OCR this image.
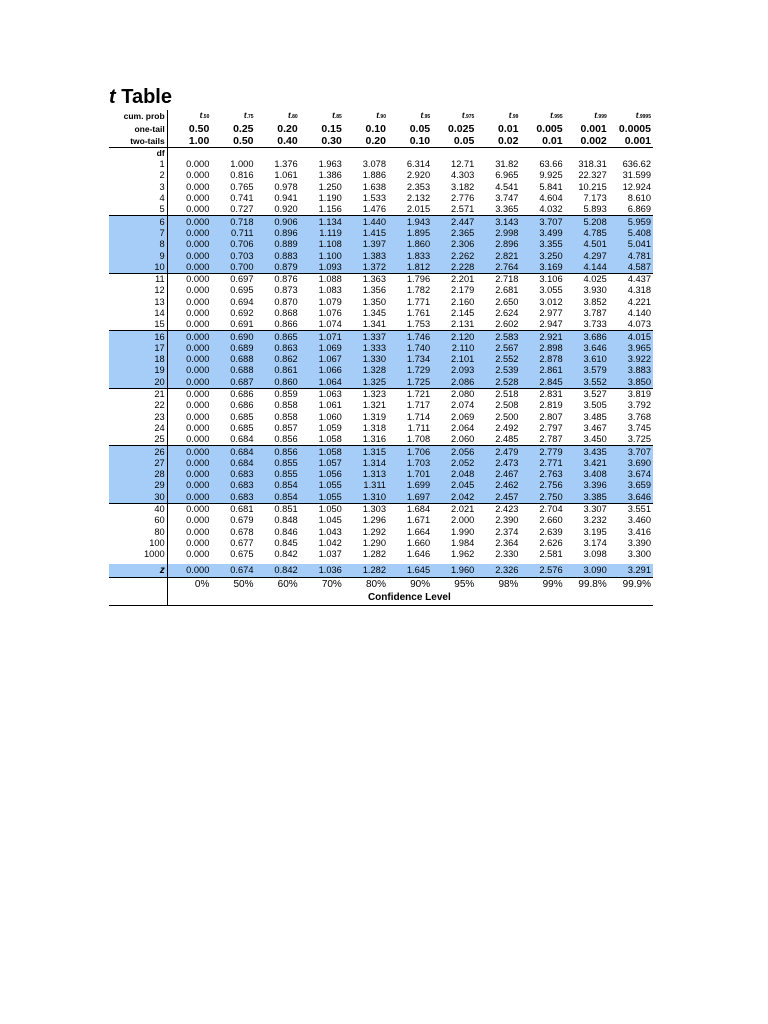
t Table
cum. prob	t.50	t.75	t.80	t.85	t.90	t.95	t.975	t.99	t.995	t.999	t.9995
one-tail	0.50	0.25	0.20	0.15	0.10	0.05	0.025	0.01	0.005	0.001	0.0005
two-tails	1.00	0.50	0.40	0.30	0.20	0.10	0.05	0.02	0.01	0.002	0.001
df											
1	0.000	1.000	1.376	1.963	3.078	6.314	12.71	31.82	63.66	318.31	636.62
2	0.000	0.816	1.061	1.386	1.886	2.920	4.303	6.965	9.925	22.327	31.599
3	0.000	0.765	0.978	1.250	1.638	2.353	3.182	4.541	5.841	10.215	12.924
4	0.000	0.741	0.941	1.190	1.533	2.132	2.776	3.747	4.604	7.173	8.610
5	0.000	0.727	0.920	1.156	1.476	2.015	2.571	3.365	4.032	5.893	6.869
6	0.000	0.718	0.906	1.134	1.440	1.943	2.447	3.143	3.707	5.208	5.959
7	0.000	0.711	0.896	1.119	1.415	1.895	2.365	2.998	3.499	4.785	5.408
8	0.000	0.706	0.889	1.108	1.397	1.860	2.306	2.896	3.355	4.501	5.041
9	0.000	0.703	0.883	1.100	1.383	1.833	2.262	2.821	3.250	4.297	4.781
10	0.000	0.700	0.879	1.093	1.372	1.812	2.228	2.764	3.169	4.144	4.587
11	0.000	0.697	0.876	1.088	1.363	1.796	2.201	2.718	3.106	4.025	4.437
12	0.000	0.695	0.873	1.083	1.356	1.782	2.179	2.681	3.055	3.930	4.318
13	0.000	0.694	0.870	1.079	1.350	1.771	2.160	2.650	3.012	3.852	4.221
14	0.000	0.692	0.868	1.076	1.345	1.761	2.145	2.624	2.977	3.787	4.140
15	0.000	0.691	0.866	1.074	1.341	1.753	2.131	2.602	2.947	3.733	4.073
16	0.000	0.690	0.865	1.071	1.337	1.746	2.120	2.583	2.921	3.686	4.015
17	0.000	0.689	0.863	1.069	1.333	1.740	2.110	2.567	2.898	3.646	3.965
18	0.000	0.688	0.862	1.067	1.330	1.734	2.101	2.552	2.878	3.610	3.922
19	0.000	0.688	0.861	1.066	1.328	1.729	2.093	2.539	2.861	3.579	3.883
20	0.000	0.687	0.860	1.064	1.325	1.725	2.086	2.528	2.845	3.552	3.850
21	0.000	0.686	0.859	1.063	1.323	1.721	2.080	2.518	2.831	3.527	3.819
22	0.000	0.686	0.858	1.061	1.321	1.717	2.074	2.508	2.819	3.505	3.792
23	0.000	0.685	0.858	1.060	1.319	1.714	2.069	2.500	2.807	3.485	3.768
24	0.000	0.685	0.857	1.059	1.318	1.711	2.064	2.492	2.797	3.467	3.745
25	0.000	0.684	0.856	1.058	1.316	1.708	2.060	2.485	2.787	3.450	3.725
26	0.000	0.684	0.856	1.058	1.315	1.706	2.056	2.479	2.779	3.435	3.707
27	0.000	0.684	0.855	1.057	1.314	1.703	2.052	2.473	2.771	3.421	3.690
28	0.000	0.683	0.855	1.056	1.313	1.701	2.048	2.467	2.763	3.408	3.674
29	0.000	0.683	0.854	1.055	1.311	1.699	2.045	2.462	2.756	3.396	3.659
30	0.000	0.683	0.854	1.055	1.310	1.697	2.042	2.457	2.750	3.385	3.646
40	0.000	0.681	0.851	1.050	1.303	1.684	2.021	2.423	2.704	3.307	3.551
60	0.000	0.679	0.848	1.045	1.296	1.671	2.000	2.390	2.660	3.232	3.460
80	0.000	0.678	0.846	1.043	1.292	1.664	1.990	2.374	2.639	3.195	3.416
100	0.000	0.677	0.845	1.042	1.290	1.660	1.984	2.364	2.626	3.174	3.390
1000	0.000	0.675	0.842	1.037	1.282	1.646	1.962	2.330	2.581	3.098	3.300

z	0.000	0.674	0.842	1.036	1.282	1.645	1.960	2.326	2.576	3.090	3.291
	0%	50%	60%	70%	80%	90%	95%	98%	99%	99.8%	99.9%
	Confidence Level										
